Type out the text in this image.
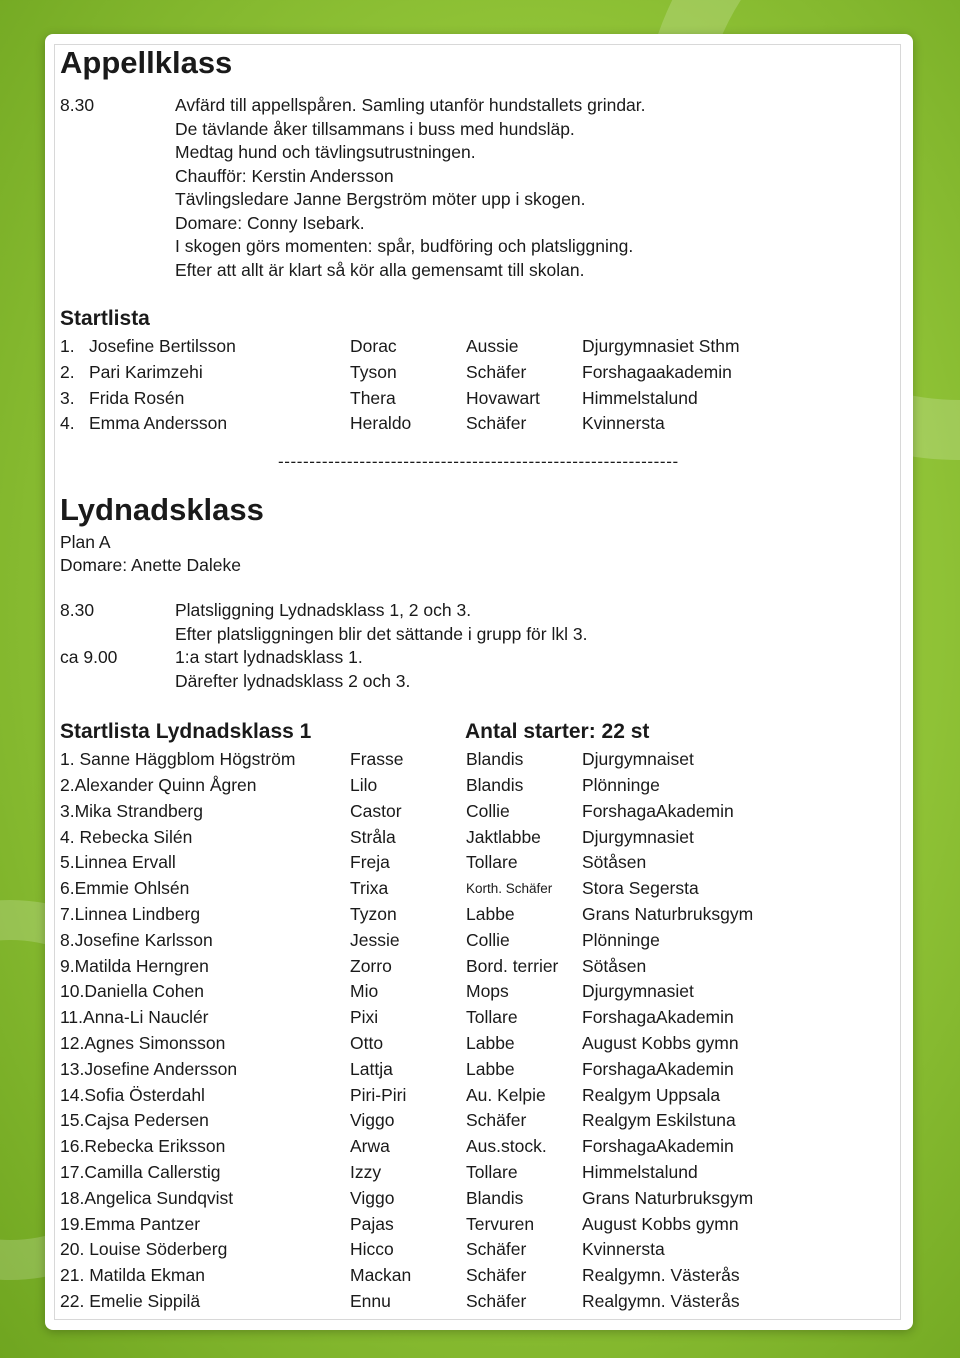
Appellklass
8.30	Avfärd till appellspåren. Samling utanför hundstallets grindar.
De tävlande åker tillsammans i buss med hundsläp.
Medtag hund och tävlingsutrustningen.
Chaufför: Kerstin Andersson
Tävlingsledare Janne Bergström möter upp i skogen.
Domare: Conny Isebark.
I skogen görs momenten: spår, budföring och platsliggning.
Efter att allt är klart så kör alla gemensamt till skolan.
Startlista
1. Josefine Bertilsson	Dorac	Aussie	Djurgymnasiet Sthm
2. Pari Karimzehi	Tyson	Schäfer	Forshagaakademin
3. Frida Rosén	Thera	Hovawart	Himmelstalund
4. Emma Andersson	Heraldo	Schäfer	Kvinnersta
----------------------------------------------------------------
Lydnadsklass
Plan A
Domare: Anette Daleke
8.30	Platsliggning Lydnadsklass 1, 2 och 3.
Efter platsliggningen blir det sättande i grupp för lkl 3.
ca 9.00	1:a start lydnadsklass 1.
Därefter lydnadsklass 2 och 3.
Startlista Lydnadsklass 1	Antal starter: 22 st
1. Sanne Häggblom Högström	Frasse	Blandis	Djurgymnaiset
2.Alexander Quinn Ågren	Lilo	Blandis	Plönninge
3.Mika Strandberg	Castor	Collie	ForshagaAkademin
4. Rebecka Silén	Stråla	Jaktlabbe	Djurgymnasiet
5.Linnea Ervall	Freja	Tollare	Sötåsen
6.Emmie Ohlsén	Trixa	Korth. Schäfer	Stora Segersta
7.Linnea Lindberg	Tyzon	Labbe	Grans Naturbruksgym
8.Josefine Karlsson	Jessie	Collie	Plönninge
9.Matilda Herngren	Zorro	Bord. terrier	Sötåsen
10.Daniella Cohen	Mio	Mops	Djurgymnasiet
11.Anna-Li Nauclér	Pixi	Tollare	ForshagaAkademin
12.Agnes Simonsson	Otto	Labbe	August Kobbs gymn
13.Josefine Andersson	Lattja	Labbe	ForshagaAkademin
14.Sofia Österdahl	Piri-Piri	Au. Kelpie	Realgym Uppsala
15.Cajsa Pedersen	Viggo	Schäfer	Realgym Eskilstuna
16.Rebecka Eriksson	Arwa	Aus.stock.	ForshagaAkademin
17.Camilla Callerstig	Izzy	Tollare	Himmelstalund
18.Angelica Sundqvist	Viggo	Blandis	Grans Naturbruksgym
19.Emma Pantzer	Pajas	Tervuren	August Kobbs gymn
20. Louise Söderberg	Hicco	Schäfer	Kvinnersta
21. Matilda Ekman	Mackan	Schäfer	Realgymn. Västerås
22. Emelie Sippilä	Ennu	Schäfer	Realgymn. Västerås
